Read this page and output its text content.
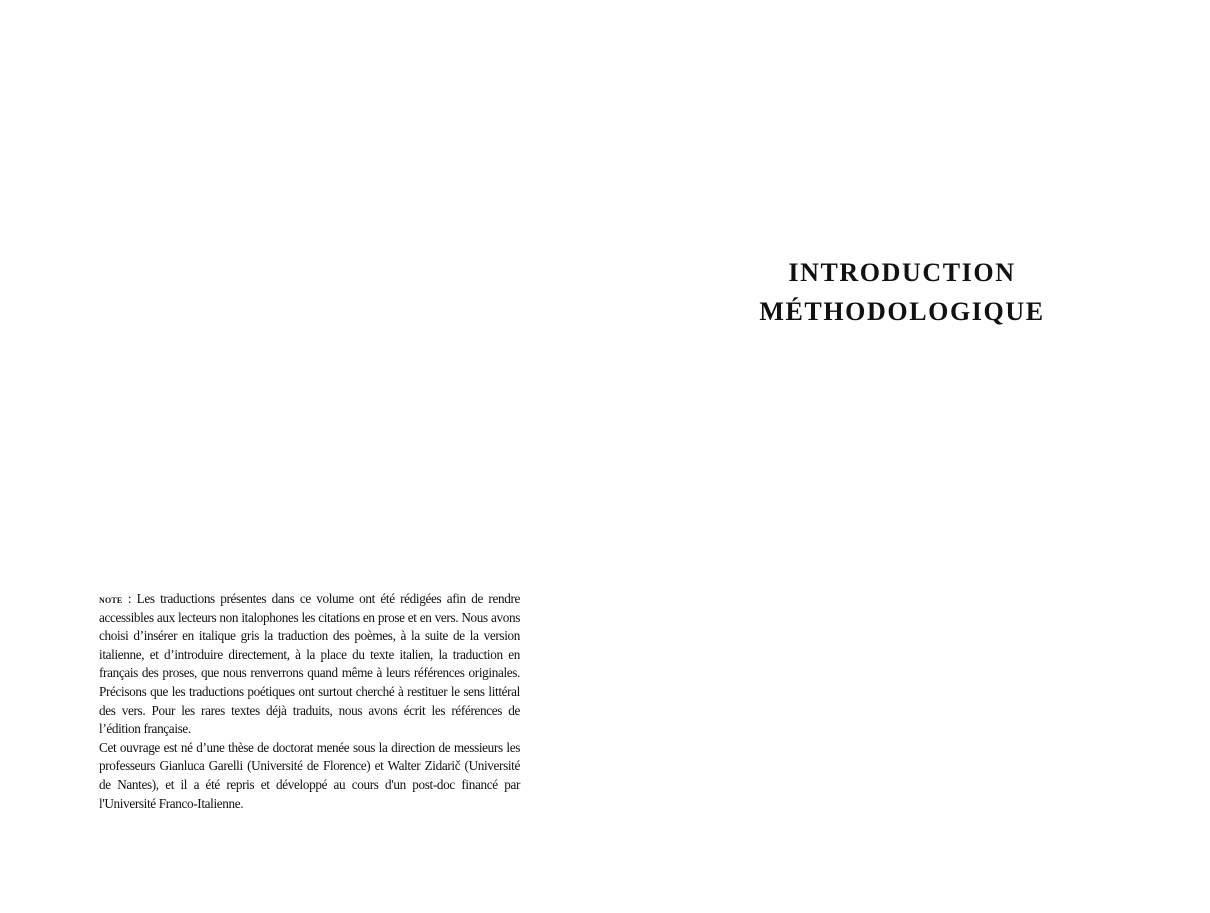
note : Les traductions présentes dans ce volume ont été rédigées afin de rendre accessibles aux lecteurs non italophones les citations en prose et en vers. Nous avons choisi d’insérer en italique gris la traduction des poèmes, à la suite de la version italienne, et d’introduire directement, à la place du texte italien, la traduction en français des proses, que nous renverrons quand même à leurs références originales. Précisons que les traductions poétiques ont surtout cherché à restituer le sens littéral des vers. Pour les rares textes déjà traduits, nous avons écrit les références de l’édition française.

Cet ouvrage est né d’une thèse de doctorat menée sous la direction de messieurs les professeurs Gianluca Garelli (Université de Florence) et Walter Zidarič (Université de Nantes), et il a été repris et développé au cours d'un post-doc financé par l'Université Franco-Italienne.

INTRODUCTION
MÉTHODOLOGIQUE
